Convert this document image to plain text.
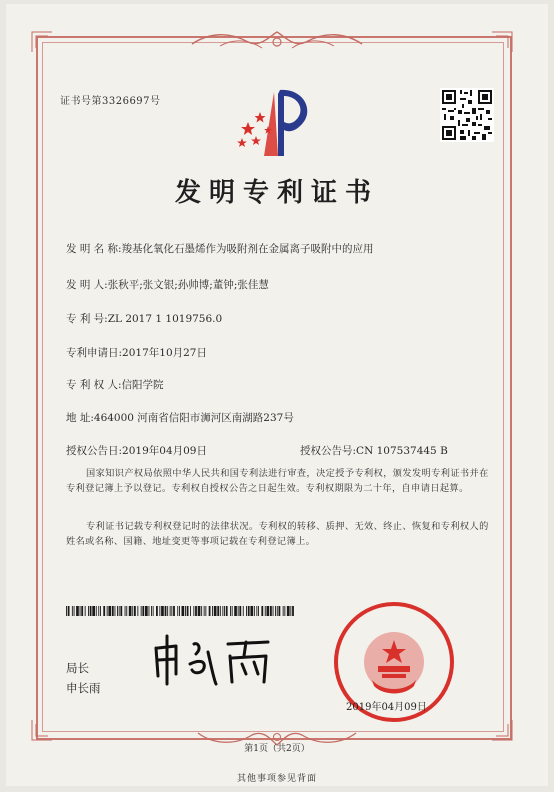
证书号第3326697号
发明专利证书
发 明 名 称:羧基化氧化石墨烯作为吸附剂在金属离子吸附中的应用
发 明 人:张秋平;张文银;孙帅博;董钟;张佳慧
专 利 号:ZL 2017 1 1019756.0
专利申请日:2017年10月27日
专 利 权 人:信阳学院
地 址:464000 河南省信阳市浉河区南湖路237号
授权公告日:2019年04月09日	授权公告号:CN 107537445 B
国家知识产权局依照中华人民共和国专利法进行审查，决定授予专利权，颁发发明专利证书并在专利登记簿上予以登记。专利权自授权公告之日起生效。专利权期限为二十年，自申请日起算。
专利证书记载专利权登记时的法律状况。专利权的转移、质押、无效、终止、恢复和专利权人的姓名或名称、国籍、地址变更等事项记载在专利登记簿上。
局长
申长雨
2019年04月09日
第1页（共2页）
其他事项参见背面
